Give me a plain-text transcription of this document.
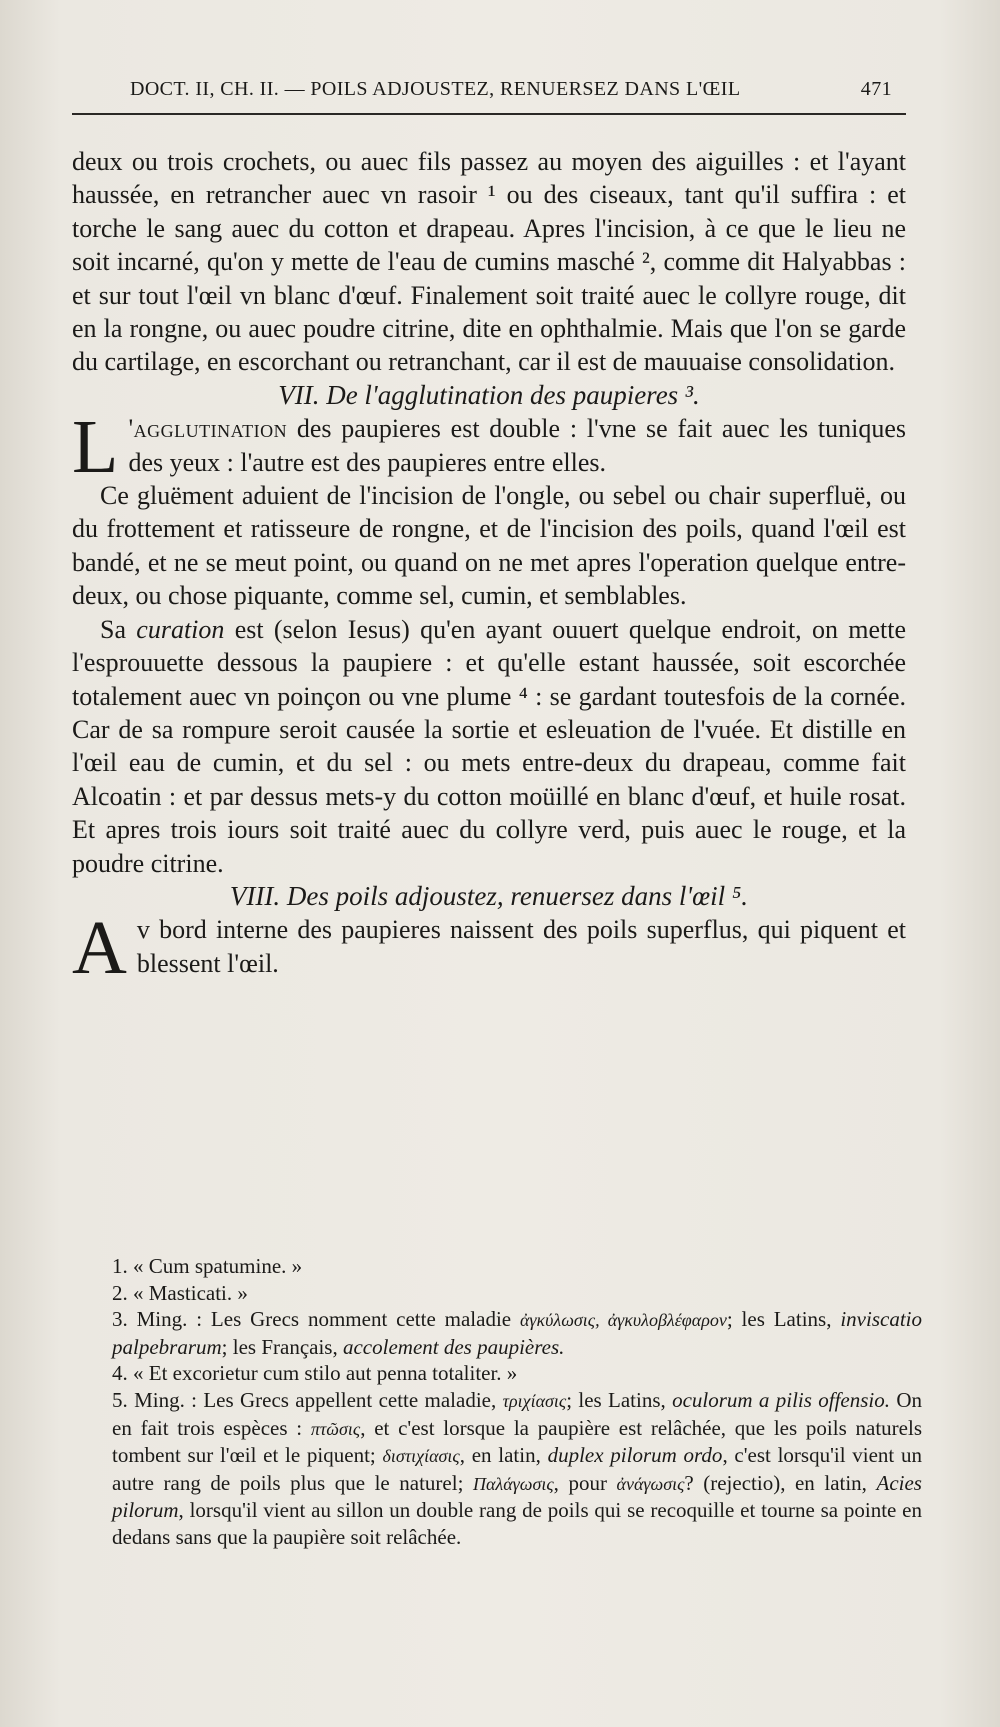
DOCT. II, CH. II. — POILS ADJOUSTEZ, RENUERSEZ DANS L'ŒIL	471

deux ou trois crochets, ou auec fils passez au moyen des aiguilles : et l'ayant haussée, en retrancher auec vn rasoir ¹ ou des ciseaux, tant qu'il suffira : et torche le sang auec du cotton et drapeau. Apres l'incision, à ce que le lieu ne soit incarné, qu'on y mette de l'eau de cumins masché ², comme dit Halyabbas : et sur tout l'œil vn blanc d'œuf. Finalement soit traité auec le collyre rouge, dit en la rongne, ou auec poudre citrine, dite en ophthalmie. Mais que l'on se garde du cartilage, en escorchant ou retranchant, car il est de mauuaise consolidation.

VII. De l'agglutination des paupieres ³.

L 'agglutination des paupieres est double : l'vne se fait auec les tuniques des yeux : l'autre est des paupieres entre elles.

Ce gluëment aduient de l'incision de l'ongle, ou sebel ou chair superfluë, ou du frottement et ratisseure de rongne, et de l'incision des poils, quand l'œil est bandé, et ne se meut point, ou quand on ne met apres l'operation quelque entre-deux, ou chose piquante, comme sel, cumin, et semblables.

Sa curation est (selon Iesus) qu'en ayant ouuert quelque endroit, on mette l'esprouuette dessous la paupiere : et qu'elle estant haussée, soit escorchée totalement auec vn poinçon ou vne plume ⁴ : se gardant toutesfois de la cornée. Car de sa rompure seroit causée la sortie et esleuation de l'vuée. Et distille en l'œil eau de cumin, et du sel : ou mets entre-deux du drapeau, comme fait Alcoatin : et par dessus mets-y du cotton moüillé en blanc d'œuf, et huile rosat. Et apres trois iours soit traité auec du collyre verd, puis auec le rouge, et la poudre citrine.

VIII. Des poils adjoustez, renuersez dans l'œil ⁵.

Av bord interne des paupieres naissent des poils superflus, qui piquent et blessent l'œil.

1. « Cum spatumine. »

2. « Masticati. »

3. Ming. : Les Grecs nomment cette maladie ἀγκύλωσις, ἀγκυλοβλέφαρον; les Latins, inviscatio palpebrarum; les Français, accolement des paupières.

4. « Et excorietur cum stilo aut penna totaliter. »

5. Ming. : Les Grecs appellent cette maladie, τριχίασις; les Latins, oculorum a pilis offensio. On en fait trois espèces : πτῶσις, et c'est lorsque la paupière est relâchée, que les poils naturels tombent sur l'œil et le piquent; διστιχίασις, en latin, duplex pilorum ordo, c'est lorsqu'il vient un autre rang de poils plus que le naturel; Παλάγωσις, pour ἀνάγωσις? (rejectio), en latin, Acies pilorum, lorsqu'il vient au sillon un double rang de poils qui se recoquille et tourne sa pointe en dedans sans que la paupière soit relâchée.
